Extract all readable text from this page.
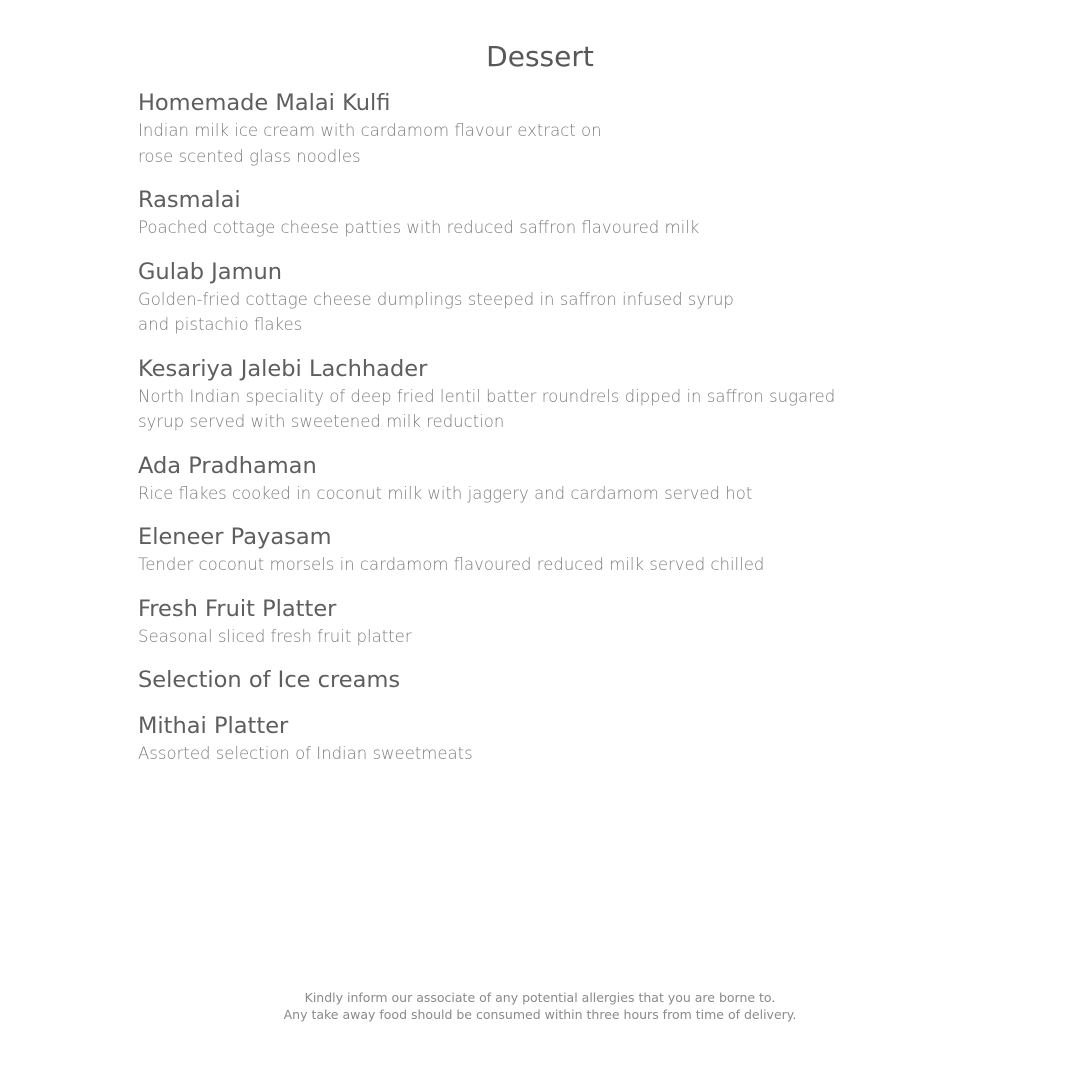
Dessert
Homemade Malai Kulfi
Indian milk ice cream with cardamom flavour extract on
rose scented glass noodles
Rasmalai
Poached cottage cheese patties with reduced saffron flavoured milk
Gulab Jamun
Golden-fried cottage cheese dumplings steeped in saffron infused syrup
and pistachio flakes
Kesariya Jalebi Lachhader
North Indian speciality of deep fried lentil batter roundrels dipped in saffron sugared
syrup served with sweetened milk reduction
Ada Pradhaman
Rice flakes cooked in coconut milk with jaggery and cardamom served hot
Eleneer Payasam
Tender coconut morsels in cardamom flavoured reduced milk served chilled
Fresh Fruit Platter
Seasonal sliced fresh fruit platter
Selection of Ice creams
Mithai Platter
Assorted selection of Indian sweetmeats
Kindly inform our associate of any potential allergies that you are borne to.
Any take away food should be consumed within three hours from time of delivery.
